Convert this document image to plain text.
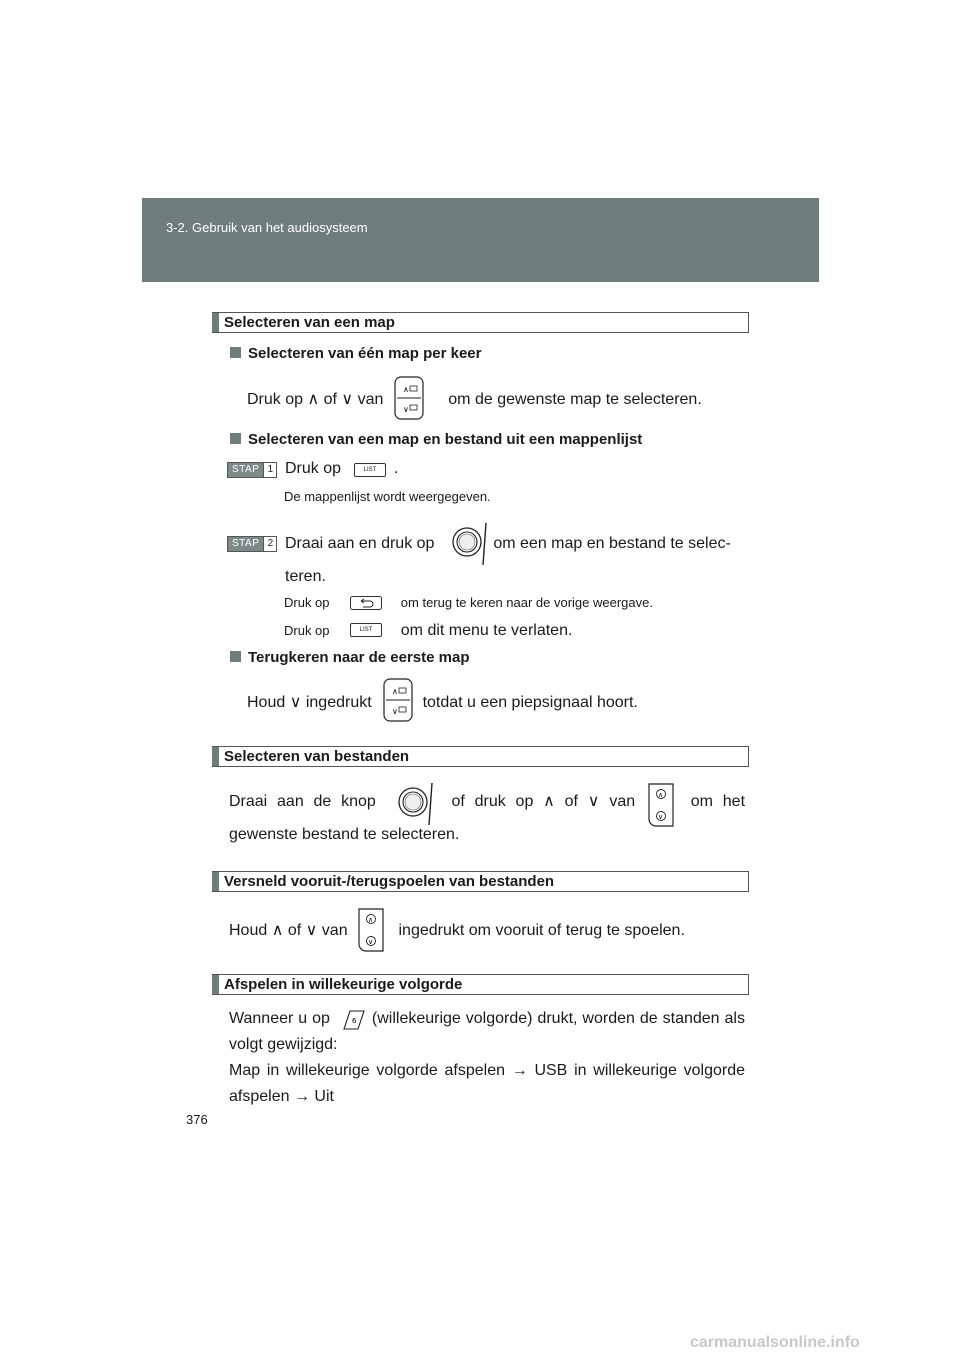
3-2. Gebruik van het audiosysteem
Selecteren van een map
Selecteren van één map per keer
Druk op ∧ of ∨ van	om de gewenste map te selecteren.
∧
∨
Selecteren van een map en bestand uit een mappenlijst
STAP 1 Druk op	.
LIST
De mappenlijst wordt weergegeven.
STAP 2 Draai aan en druk op	om een map en bestand te selec-
teren.
Druk op	om terug te keren naar de vorige weergave.
Druk op	om dit menu te verlaten.
LIST
Terugkeren naar de eerste map
Houd ∨ ingedrukt	totdat u een piepsignaal hoort.
∧
∨
Selecteren van bestanden
Draai aan de knop	of druk op ∧ of ∨ van	om het
∧
∨
gewenste bestand te selecteren.
Versneld vooruit-/terugspoelen van bestanden
Houd ∧ of ∨ van	ingedrukt om vooruit of terug te spoelen.
∧
∨
Afspelen in willekeurige volgorde
Wanneer u op	(willekeurige volgorde) drukt, worden de standen als volgt gewijzigd:
Map in willekeurige volgorde afspelen → USB in willekeurige volgorde afspelen → Uit
6
376
carmanualsonline.info
